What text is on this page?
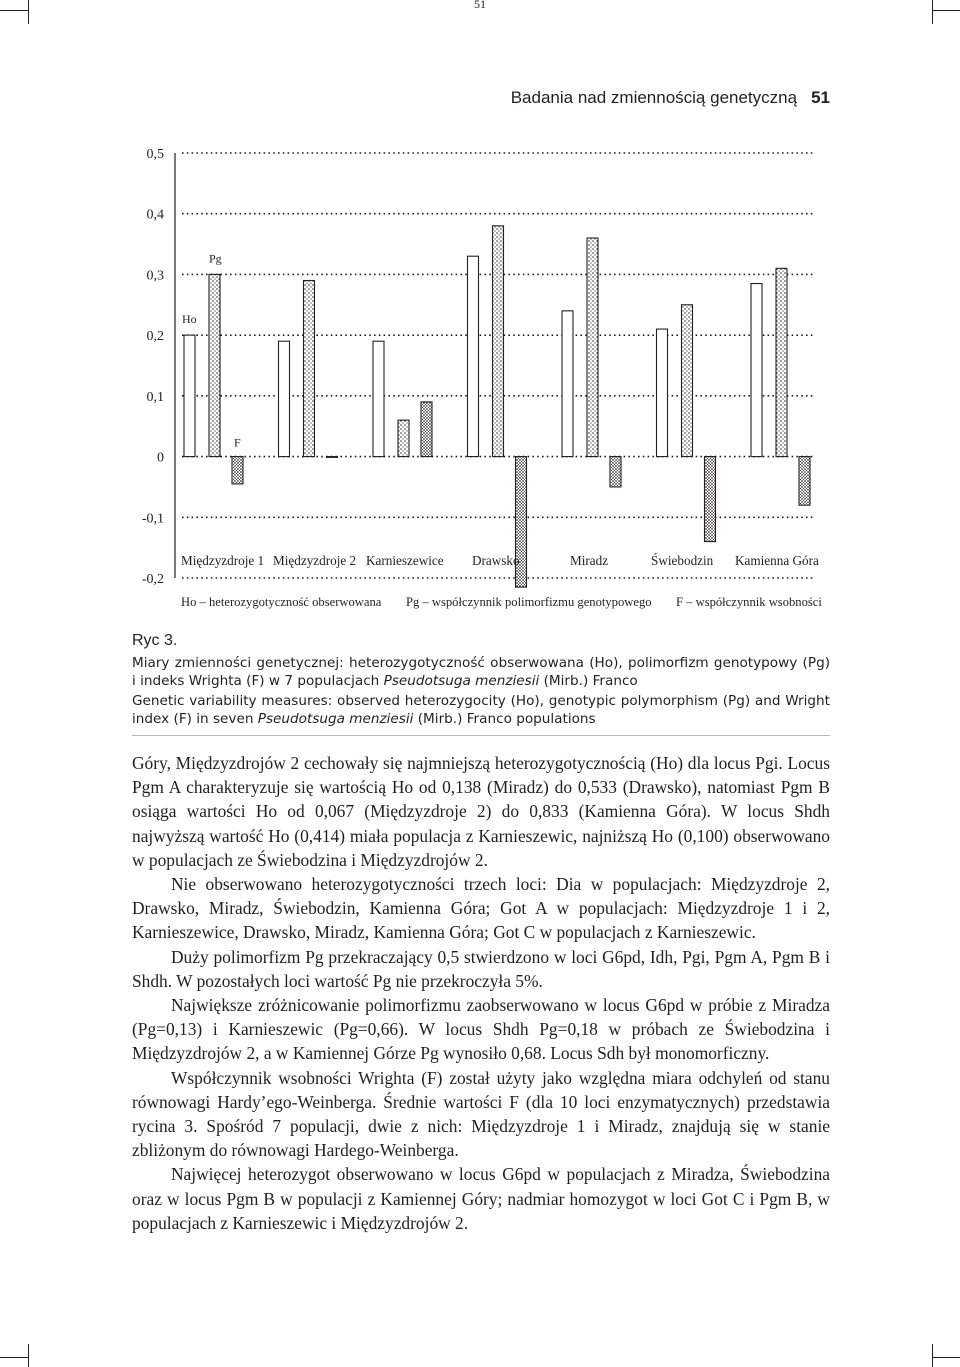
51
Badania nad zmiennością genetyczną 51
0,5
0,4
0,3
0,2
0,1
0
-0,1
-0,2
Ho
Pg
F
Międzyzdroje 1 Międzyzdroje 2 Karnieszewice Drawsko	Miradz	Świebodzin Kamienna Góra
Ho – heterozygotyczność obserwowana Pg – współczynnik polimorfizmu genotypowego F – współczynnik wsobności
Ryc 3.

Miary zmienności genetycznej: heterozygotyczność obserwowana (Ho), polimorfizm genotypowy (Pg) i indeks Wrighta (F) w 7 populacjach Pseudotsuga menziesii (Mirb.) Franco

Genetic variability measures: observed heterozygocity (Ho), genotypic polymorphism (Pg) and Wright index (F) in seven Pseudotsuga menziesii (Mirb.) Franco populations

Góry, Międzyzdrojów 2 cechowały się najmniejszą heterozygotycznością (Ho) dla locus Pgi. Locus Pgm A charakteryzuje się wartością Ho od 0,138 (Miradz) do 0,533 (Drawsko), natomiast Pgm B osiąga wartości Ho od 0,067 (Międzyzdroje 2) do 0,833 (Kamienna Góra). W locus Shdh najwyższą wartość Ho (0,414) miała populacja z Karnieszewic, najniższą Ho (0,100) obserwowano w populacjach ze Świebodzina i Międzyzdrojów 2.

Nie obserwowano heterozygotyczności trzech loci: Dia w populacjach: Międzyzdroje 2, Drawsko, Miradz, Świebodzin, Kamienna Góra; Got A w populacjach: Międzyzdroje 1 i 2, Karnieszewice, Drawsko, Miradz, Kamienna Góra; Got C w populacjach z Karnieszewic.

Duży polimorfizm Pg przekraczający 0,5 stwierdzono w loci G6pd, Idh, Pgi, Pgm A, Pgm B i Shdh. W pozostałych loci wartość Pg nie przekroczyła 5%.

Największe zróżnicowanie polimorfizmu zaobserwowano w locus G6pd w próbie z Miradza (Pg=0,13) i Karnieszewic (Pg=0,66). W locus Shdh Pg=0,18 w próbach ze Świebodzina i Międzyzdrojów 2, a w Kamiennej Górze Pg wynosiło 0,68. Locus Sdh był monomorficzny.

Współczynnik wsobności Wrighta (F) został użyty jako względna miara odchyleń od stanu równowagi Hardy’ego-Weinberga. Średnie wartości F (dla 10 loci enzymatycznych) przedstawia rycina 3. Spośród 7 populacji, dwie z nich: Międzyzdroje 1 i Miradz, znajdują się w stanie zbliżonym do równowagi Hardego-Weinberga.

Najwięcej heterozygot obserwowano w locus G6pd w populacjach z Miradza, Świebodzina oraz w locus Pgm B w populacji z Kamiennej Góry; nadmiar homozygot w loci Got C i Pgm B, w populacjach z Karnieszewic i Międzyzdrojów 2.
